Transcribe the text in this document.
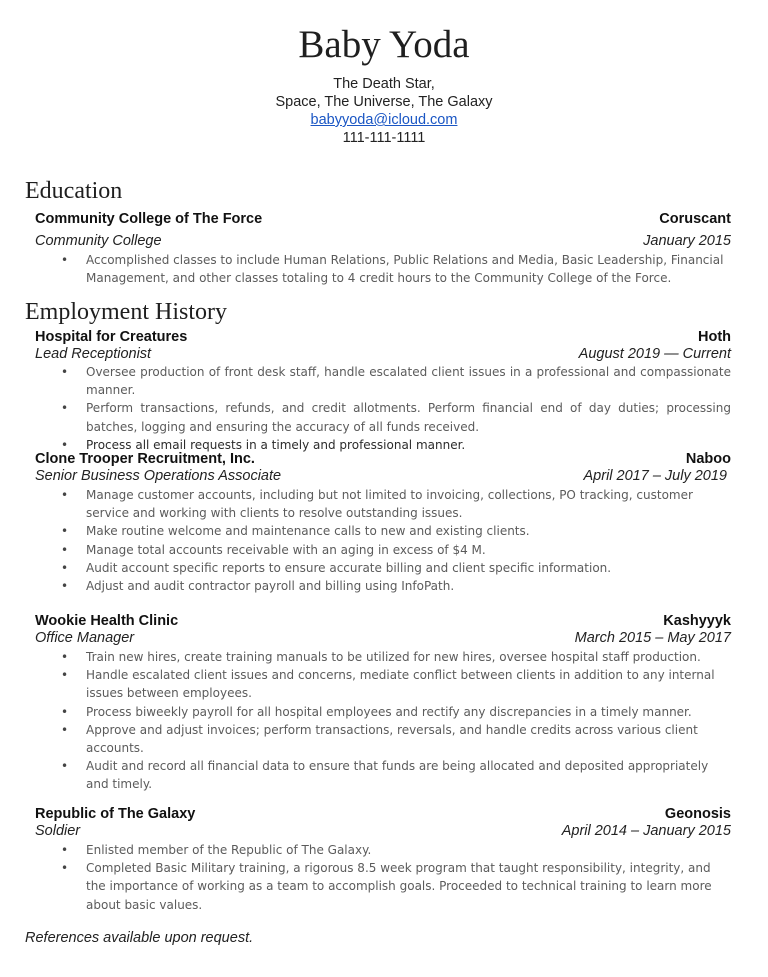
Baby Yoda
The Death Star,
Space, The Universe, The Galaxy
babyyoda@icloud.com
111-111-1111
Education
Community College of The Force	Coruscant
Community College	January 2015
• Accomplished classes to include Human Relations, Public Relations and Media, Basic Leadership, Financial Management, and other classes totaling to 4 credit hours to the Community College of the Force.
Employment History
Hospital for Creatures	Hoth
Lead Receptionist	August 2019 — Current
• Oversee production of front desk staff, handle escalated client issues in a professional and compassionate manner.
• Perform transactions, refunds, and credit allotments. Perform financial end of day duties; processing batches, logging and ensuring the accuracy of all funds received.
• Process all email requests in a timely and professional manner.
Clone Trooper Recruitment, Inc.	Naboo
Senior Business Operations Associate	April 2017 – July 2019
• Manage customer accounts, including but not limited to invoicing, collections, PO tracking, customer service and working with clients to resolve outstanding issues.
• Make routine welcome and maintenance calls to new and existing clients.
• Manage total accounts receivable with an aging in excess of $4 M.
• Audit account specific reports to ensure accurate billing and client specific information.
• Adjust and audit contractor payroll and billing using InfoPath.
Wookie Health Clinic	Kashyyyk
Office Manager	March 2015 – May 2017
• Train new hires, create training manuals to be utilized for new hires, oversee hospital staff production.
• Handle escalated client issues and concerns, mediate conflict between clients in addition to any internal issues between employees.
• Process biweekly payroll for all hospital employees and rectify any discrepancies in a timely manner.
• Approve and adjust invoices; perform transactions, reversals, and handle credits across various client accounts.
• Audit and record all financial data to ensure that funds are being allocated and deposited appropriately and timely.
Republic of The Galaxy	Geonosis
Soldier	April 2014 – January 2015
• Enlisted member of the Republic of The Galaxy.
• Completed Basic Military training, a rigorous 8.5 week program that taught responsibility, integrity, and the importance of working as a team to accomplish goals. Proceeded to technical training to learn more about basic values.
References available upon request.
